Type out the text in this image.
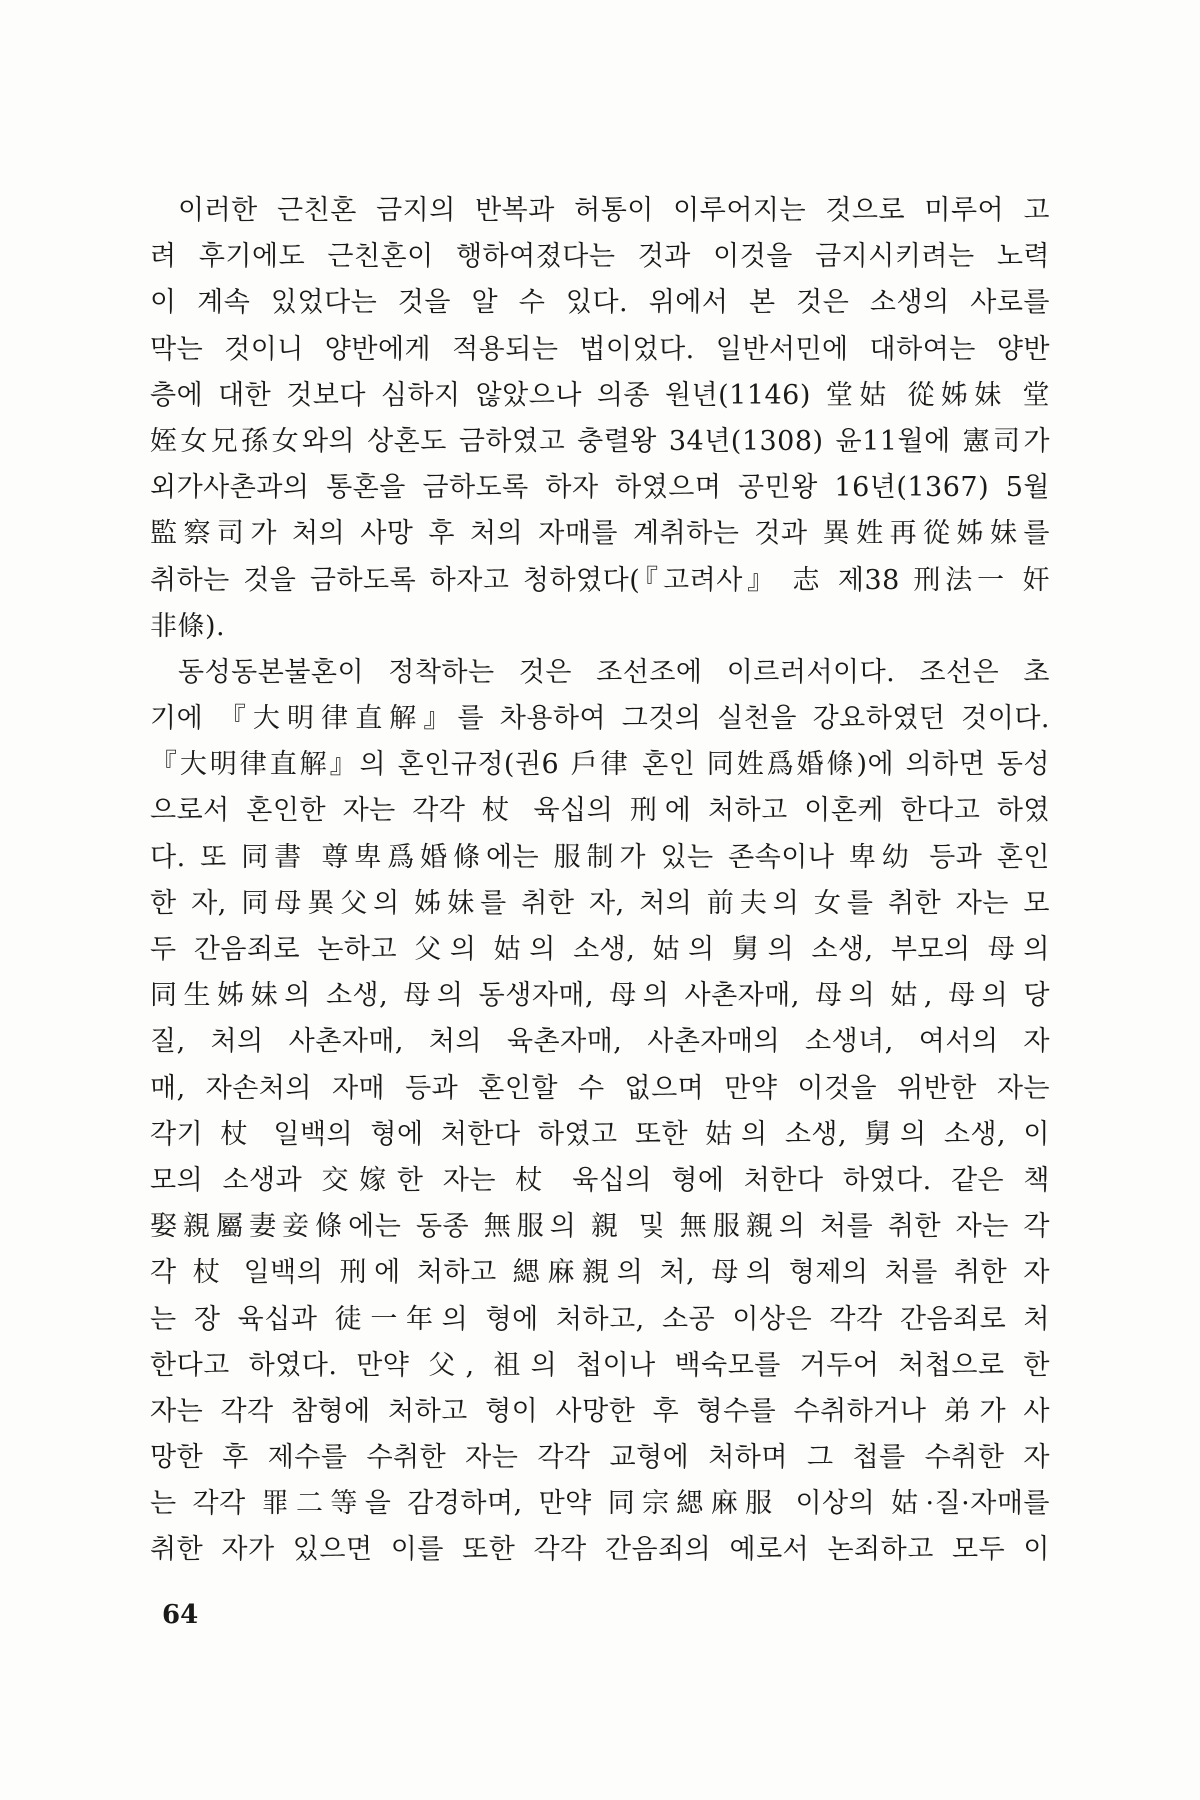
이러한 근친혼 금지의 반복과 허통이 이루어지는 것으로 미루어 고
려 후기에도 근친혼이 행하여졌다는 것과 이것을 금지시키려는 노력
이 계속 있었다는 것을 알 수 있다. 위에서 본 것은 소생의 사로를
막는 것이니 양반에게 적용되는 법이었다. 일반서민에 대하여는 양반
층에 대한 것보다 심하지 않았으나 의종 원년(1146) 堂姑 從姊妹 堂
姪女兄孫女와의 상혼도 금하였고 충렬왕 34년(1308) 윤11월에 憲司가
외가사촌과의 통혼을 금하도록 하자 하였으며 공민왕 16년(1367) 5월
監察司가 처의 사망 후 처의 자매를 계취하는 것과 異姓再從姊妹를
취하는 것을 금하도록 하자고 청하였다(『고려사』 志 제38 刑法一 奸
非條).
동성동본불혼이 정착하는 것은 조선조에 이르러서이다. 조선은 초
기에 『大明律直解』를 차용하여 그것의 실천을 강요하였던 것이다.
『大明律直解』의 혼인규정(권6 戶律 혼인 同姓爲婚條)에 의하면 동성
으로서 혼인한 자는 각각 杖 육십의 刑에 처하고 이혼케 한다고 하였
다. 또 同書 尊卑爲婚條에는 服制가 있는 존속이나 卑幼 등과 혼인
한 자, 同母異父의 姊妹를 취한 자, 처의 前夫의 女를 취한 자는 모
두 간음죄로 논하고 父의 姑의 소생, 姑의 舅의 소생, 부모의 母의
同生姊妹의 소생, 母의 동생자매, 母의 사촌자매, 母의 姑, 母의 당
질, 처의 사촌자매, 처의 육촌자매, 사촌자매의 소생녀, 여서의 자
매, 자손처의 자매 등과 혼인할 수 없으며 만약 이것을 위반한 자는
각기 杖 일백의 형에 처한다 하였고 또한 姑의 소생, 舅의 소생, 이
모의 소생과 交嫁한 자는 杖 육십의 형에 처한다 하였다. 같은 책
娶親屬妻妾條에는 동종 無服의 親 및 無服親의 처를 취한 자는 각
각 杖 일백의 刑에 처하고 緦麻親의 처, 母의 형제의 처를 취한 자
는 장 육십과 徒一年의 형에 처하고, 소공 이상은 각각 간음죄로 처
한다고 하였다. 만약 父, 祖의 첩이나 백숙모를 거두어 처첩으로 한
자는 각각 참형에 처하고 형이 사망한 후 형수를 수취하거나 弟가 사
망한 후 제수를 수취한 자는 각각 교형에 처하며 그 첩를 수취한 자
는 각각 罪二等을 감경하며, 만약 同宗緦麻服 이상의 姑·질·자매를
취한 자가 있으면 이를 또한 각각 간음죄의 예로서 논죄하고 모두 이
64
